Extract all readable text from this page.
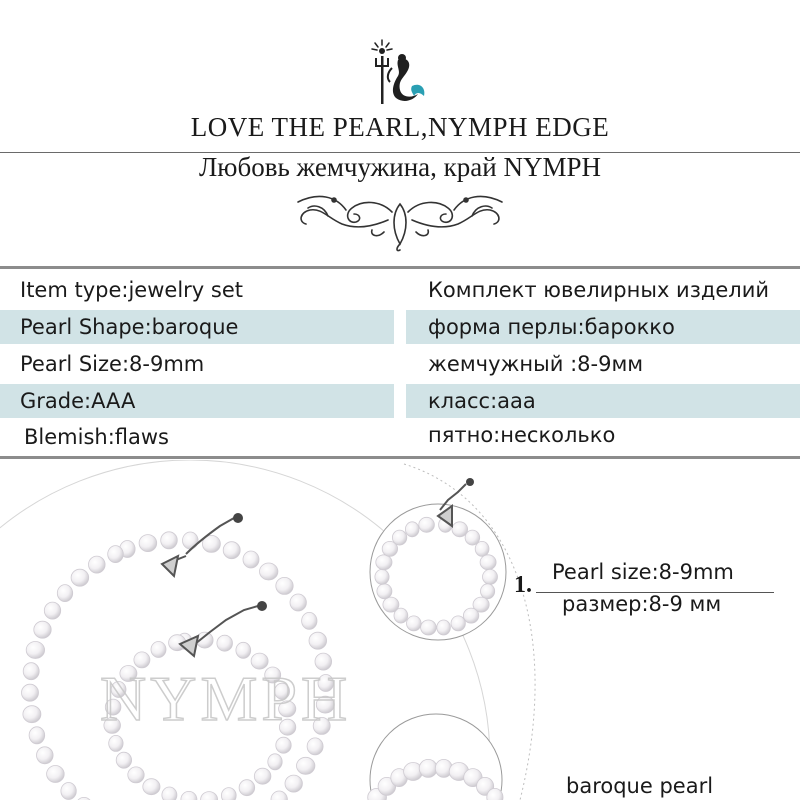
LOVE THE PEARL,NYMPH EDGE
Любовь жемчужина, край NYMPH
Item type:jewelry set	Комплект ювелирных изделий
Pearl Shape:baroque	форма перлы:барокко
Pearl Size:8-9mm	жемчужный :8-9мм
Grade:AAA	класс:aaa
Blemish:flaws	пятно:несколько
NYMPH
1. Pearl size:8-9mm
размер:8-9 мм
baroque pearl
